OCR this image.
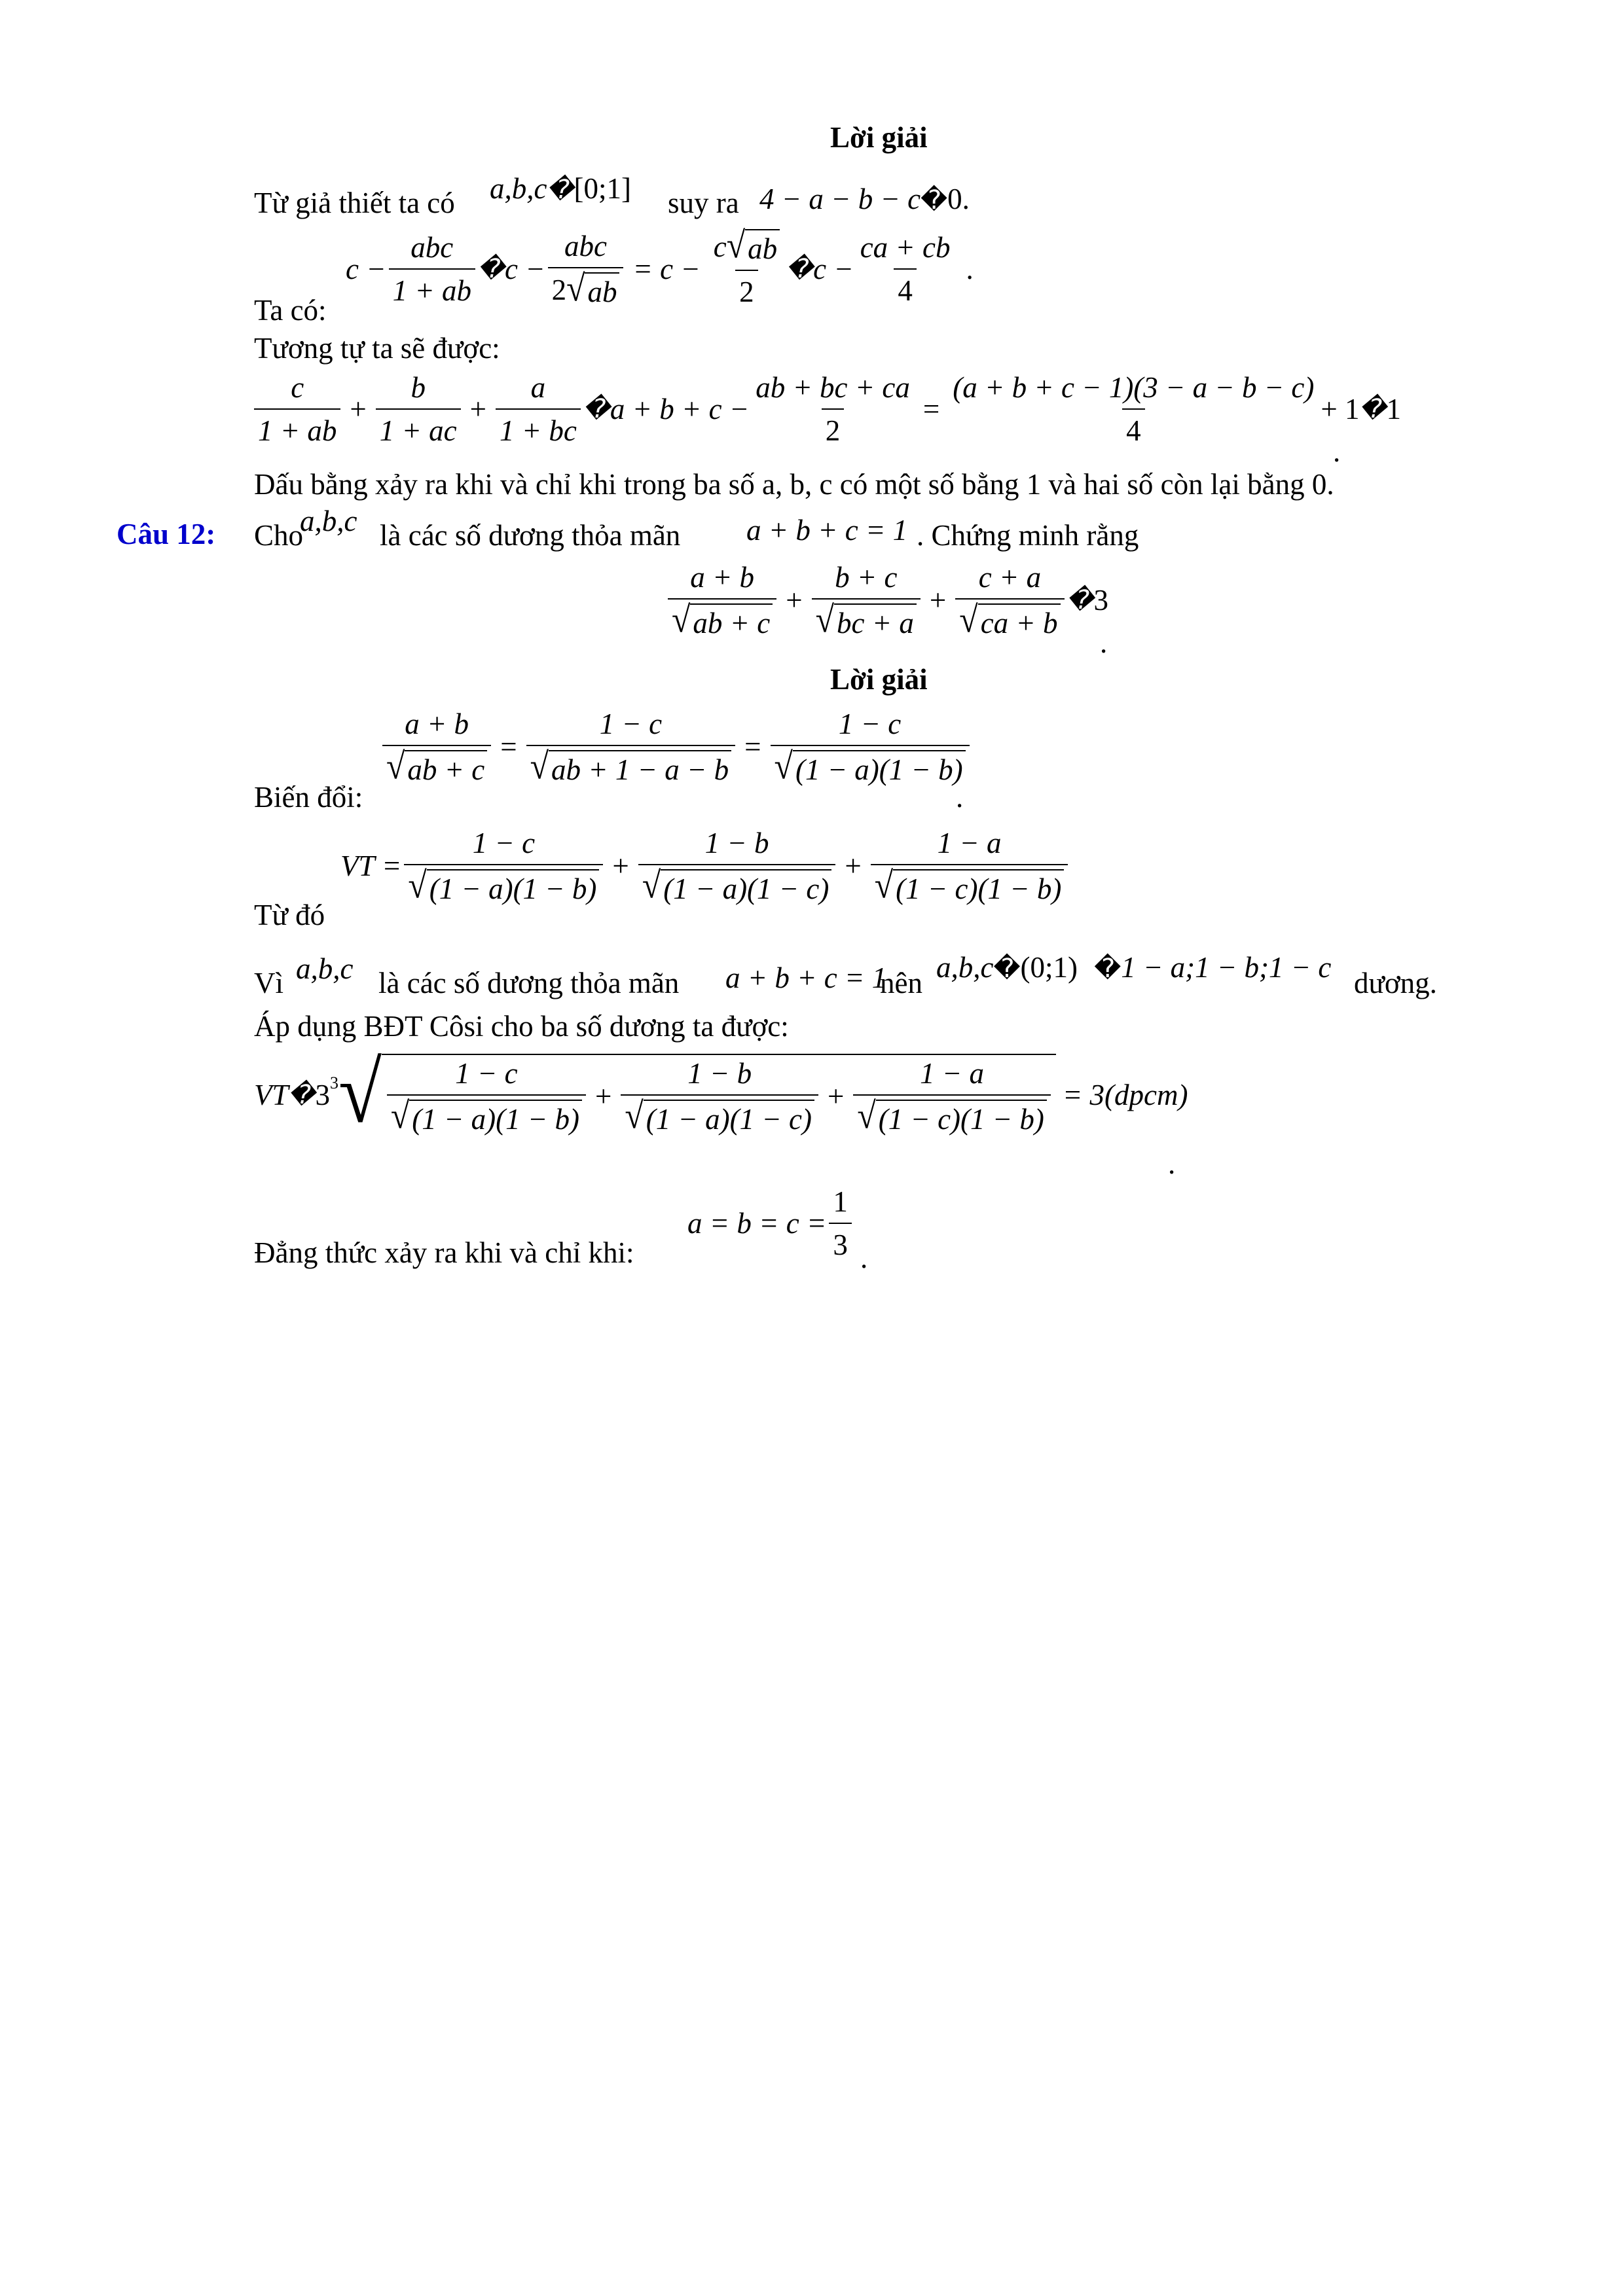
Lời giải
Từ giả thiết ta có a,b,c�[0;1] suy ra 4 − a − b − c�0.
Ta có:
$c - \frac{\text{abc}}{1 + ab}$ � $c - \frac{\text{abc}}{2 √ ab} = c - \frac{c √ ab}{2}$ � $c - \frac{ca + cb}{4}$ .
Tương tự ta sẽ được:
$\frac{c}{1 + ab} + \frac{b}{1 + ac} + \frac{a}{1 + bc}$ � $a + b + c - \frac{ab + bc + ca}{2} = \frac{(a + b + c - 1)(3 - a - b - c)}{4} + 1$ � 1
.
Dấu bằng xảy ra khi và chỉ khi trong ba số a, b, c có một số bằng 1 và hai số còn lại bằng 0.
Câu 12: Cho
a,b,c là các số dương thỏa mãn a + b + c = 1 . Chứng minh rằng
$\frac{a + b}{√ ab + c} + \frac{b + c}{√ bc + a} + \frac{c + a}{√ ca + b}$ � 3
.
Lời giải
Biến đổi:
$\frac{a + b}{√ ab + c} = \frac{1 - c}{√ ab + 1 - a - b} = \frac{1 - c}{√ (1 - a)(1 - b)}$
.
Từ đó
VT = $\frac{1 - c}{√ (1 - a)(1 - b)} + \frac{1 - b}{√ (1 - a)(1 - c)} + \frac{1 - a}{√ (1 - c)(1 - b)}$
Vì a,b,c là các số dương thỏa mãn a + b + c = 1
nên a,b,c�(0;1) �1 − a;1 − b;1 − c dương.
Áp dụng BĐT Côsi cho ba số dương ta được:
VT � 3 3 √ $\frac{1 - c}{√ (1 - a)(1 - b)} + \frac{1 - b}{√ (1 - a)(1 - c)} + \frac{1 - a}{√ (1 - c)(1 - b)}$ = 3(dpcm)
.
Đẳng thức xảy ra khi và chỉ khi:
$a = b = c = \frac{1}{3}$ .
